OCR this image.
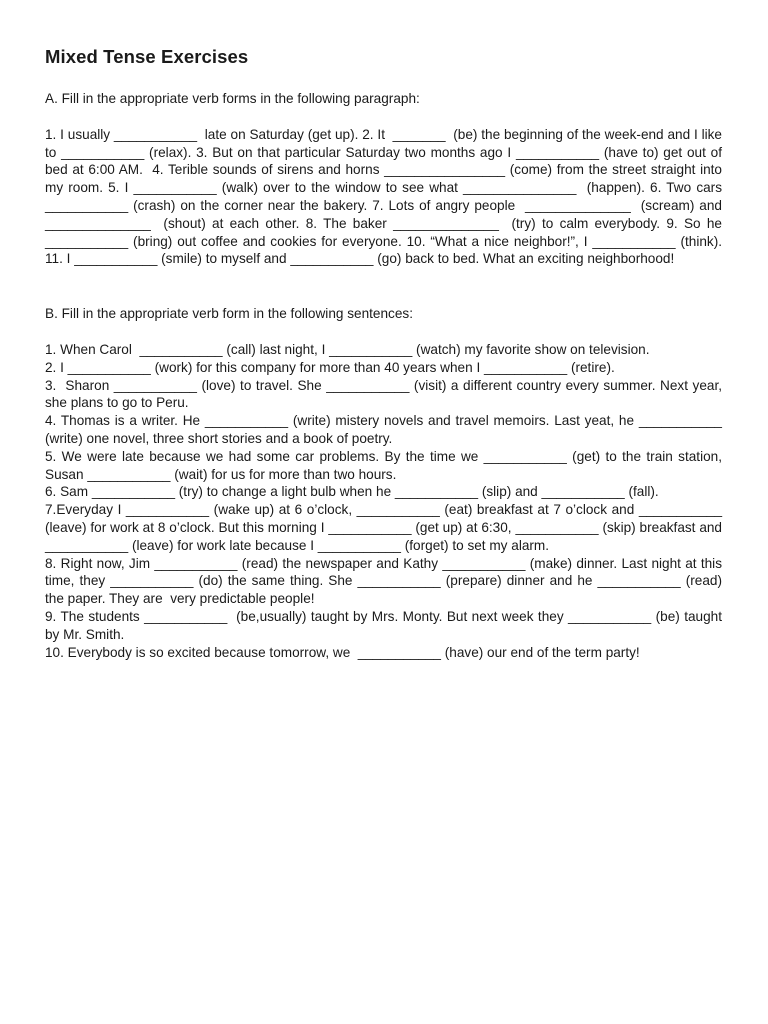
Mixed Tense Exercises

A. Fill in the appropriate verb forms in the following paragraph:

1. I usually ___________  late on Saturday (get up). 2. It  _______  (be) the beginning of the week-end and I like to ___________ (relax). 3. But on that particular Saturday two months ago I ___________ (have to) get out of bed at 6:00 AM.  4. Terible sounds of sirens and horns ________________ (come) from the street straight into my room. 5. I ___________ (walk) over to the window to see what _______________  (happen). 6. Two cars ___________ (crash) on the corner near the bakery. 7. Lots of angry people  ______________  (scream) and ______________  (shout) at each other. 8. The baker ______________  (try) to calm everybody. 9. So he ___________ (bring) out coffee and cookies for everyone. 10. “What a nice neighbor!”, I ___________ (think). 11. I ___________ (smile) to myself and ___________ (go) back to bed. What an exciting neighborhood!

B. Fill in the appropriate verb form in the following sentences:

1. When Carol  ___________ (call) last night, I ___________ (watch) my favorite show on television.
2. I ___________ (work) for this company for more than 40 years when I ___________ (retire).
3.  Sharon ___________ (love) to travel. She ___________ (visit) a different country every summer. Next year, she plans to go to Peru.
4. Thomas is a writer. He ___________ (write) mistery novels and travel memoirs. Last yeat, he ___________ (write) one novel, three short stories and a book of poetry.
5. We were late because we had some car problems. By the time we ___________ (get) to the train station, Susan ___________ (wait) for us for more than two hours.
6. Sam ___________ (try) to change a light bulb when he ___________ (slip) and ___________ (fall).
7.Everyday I ___________ (wake up) at 6 o’clock, ___________ (eat) breakfast at 7 o’clock and ___________ (leave) for work at 8 o’clock. But this morning I ___________ (get up) at 6:30, ___________ (skip) breakfast and ___________ (leave) for work late because I ___________ (forget) to set my alarm.
8. Right now, Jim ___________ (read) the newspaper and Kathy ___________ (make) dinner. Last night at this time, they ___________ (do) the same thing. She ___________ (prepare) dinner and he ___________ (read) the paper. They are  very predictable people!
9. The students ___________  (be,usually) taught by Mrs. Monty. But next week they ___________ (be) taught by Mr. Smith.
10. Everybody is so excited because tomorrow, we  ___________ (have) our end of the term party!
